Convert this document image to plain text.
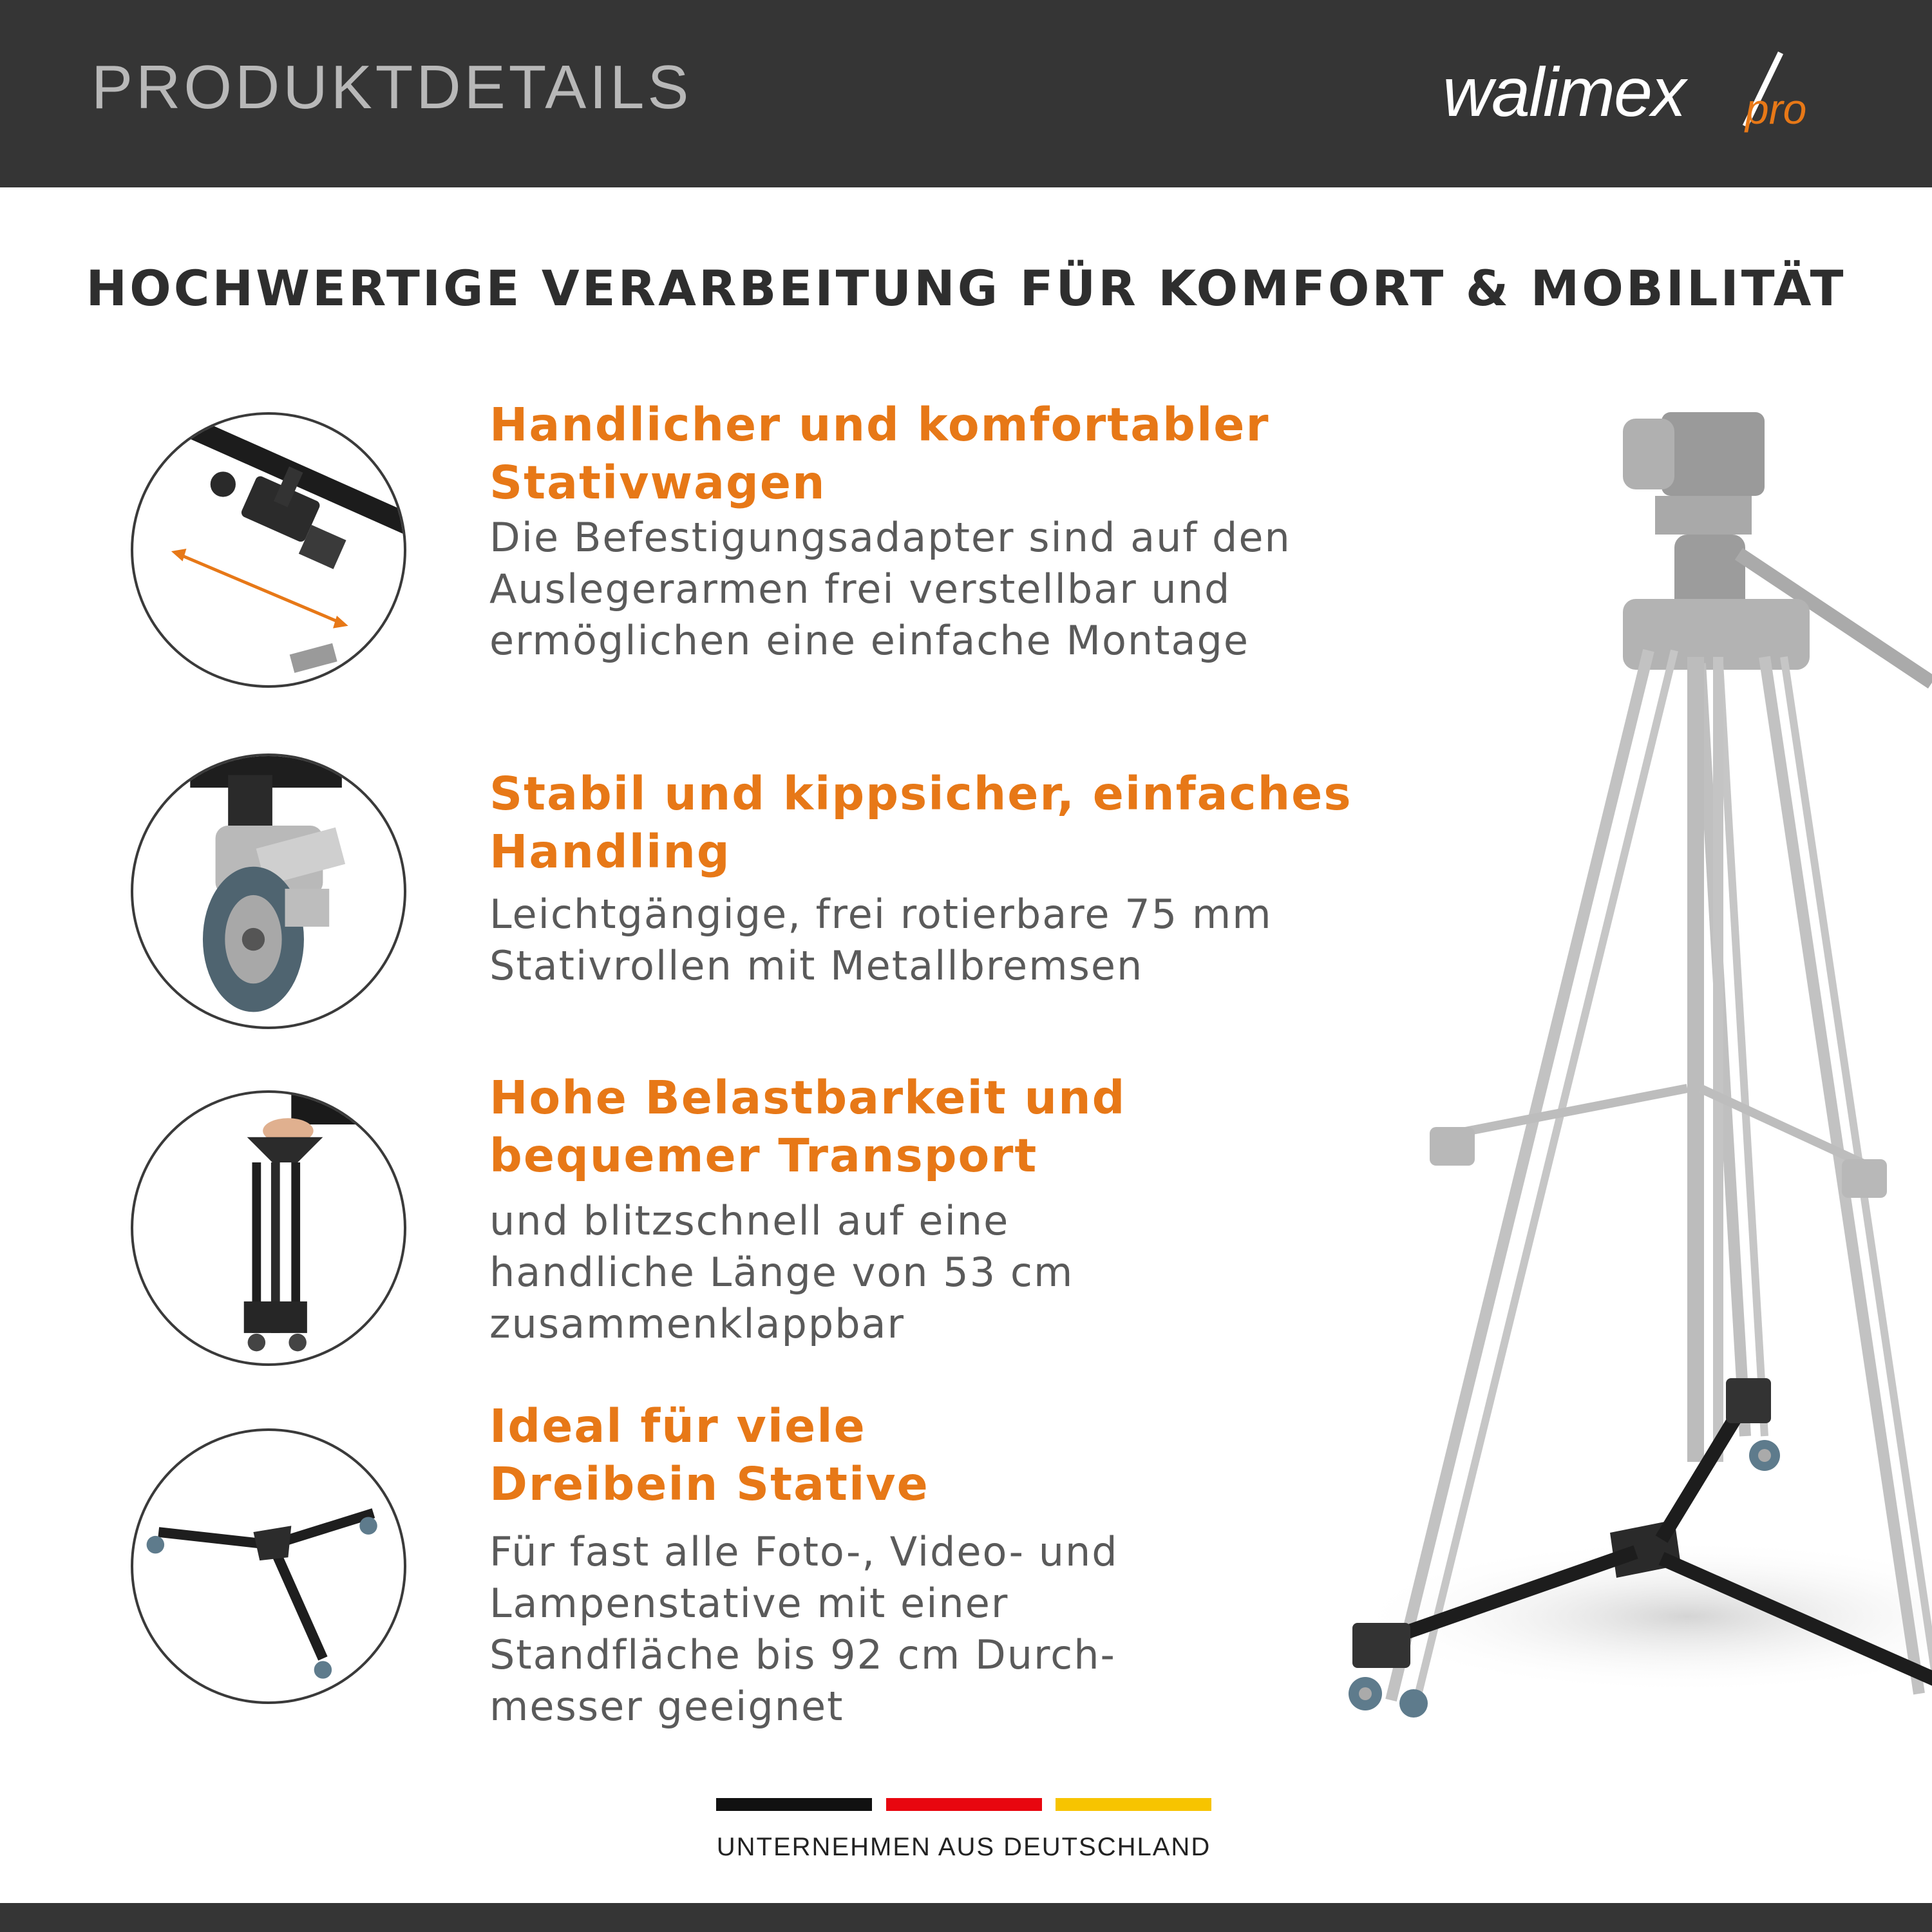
PRODUKTDETAILS	walimex pro
HOCHWERTIGE VERARBEITUNG FÜR KOMFORT & MOBILITÄT
Handlicher und komfortabler
Stativwagen
Die Befestigungsadapter sind auf den
Auslegerarmen frei verstellbar und
ermöglichen eine einfache Montage
Stabil und kippsicher, einfaches
Handling
Leichtgängige, frei rotierbare 75 mm
Stativrollen mit Metallbremsen
Hohe Belastbarkeit und
bequemer Transport
und blitzschnell auf eine
handliche Länge von 53 cm
zusammenklappbar
Ideal für viele
Dreibein Stative
Für fast alle Foto-, Video- und
Lampenstative mit einer
Standfläche bis 92 cm Durch-
messer geeignet
UNTERNEHMEN AUS DEUTSCHLAND
